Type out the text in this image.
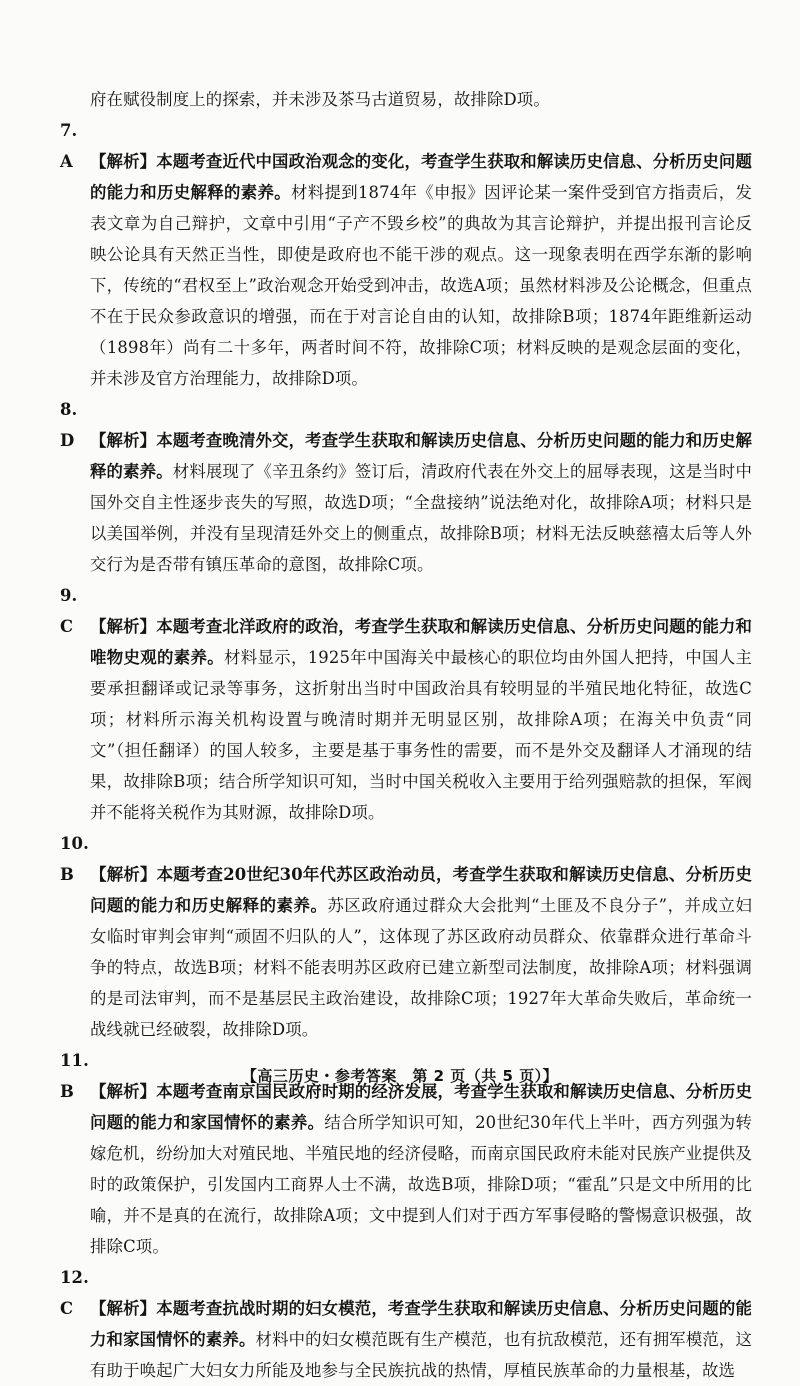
府在赋役制度上的探索，并未涉及茶马古道贸易，故排除D项。

7. A 【解析】本题考查近代中国政治观念的变化，考查学生获取和解读历史信息、分析历史问题的能力和历史解释的素养。材料提到1874年《申报》因评论某一案件受到官方指责后，发表文章为自己辩护，文章中引用“子产不毁乡校”的典故为其言论辩护，并提出报刊言论反映公论具有天然正当性，即使是政府也不能干涉的观点。这一现象表明在西学东渐的影响下，传统的“君权至上”政治观念开始受到冲击，故选A项；虽然材料涉及公论概念，但重点不在于民众参政意识的增强，而在于对言论自由的认知，故排除B项；1874年距维新运动（1898年）尚有二十多年，两者时间不符，故排除C项；材料反映的是观念层面的变化，并未涉及官方治理能力，故排除D项。

8. D 【解析】本题考查晚清外交，考查学生获取和解读历史信息、分析历史问题的能力和历史解释的素养。材料展现了《辛丑条约》签订后，清政府代表在外交上的屈辱表现，这是当时中国外交自主性逐步丧失的写照，故选D项；“全盘接纳”说法绝对化，故排除A项；材料只是以美国举例，并没有呈现清廷外交上的侧重点，故排除B项；材料无法反映慈禧太后等人外交行为是否带有镇压革命的意图，故排除C项。

9. C 【解析】本题考查北洋政府的政治，考查学生获取和解读历史信息、分析历史问题的能力和唯物史观的素养。材料显示，1925年中国海关中最核心的职位均由外国人把持，中国人主要承担翻译或记录等事务，这折射出当时中国政治具有较明显的半殖民地化特征，故选C项；材料所示海关机构设置与晚清时期并无明显区别，故排除A项；在海关中负责“同文”（担任翻译）的国人较多，主要是基于事务性的需要，而不是外交及翻译人才涌现的结果，故排除B项；结合所学知识可知，当时中国关税收入主要用于给列强赔款的担保，军阀并不能将关税作为其财源，故排除D项。

10. B 【解析】本题考查20世纪30年代苏区政治动员，考查学生获取和解读历史信息、分析历史问题的能力和历史解释的素养。苏区政府通过群众大会批判“土匪及不良分子”，并成立妇女临时审判会审判“顽固不归队的人”，这体现了苏区政府动员群众、依靠群众进行革命斗争的特点，故选B项；材料不能表明苏区政府已建立新型司法制度，故排除A项；材料强调的是司法审判，而不是基层民主政治建设，故排除C项；1927年大革命失败后，革命统一战线就已经破裂，故排除D项。

11. B 【解析】本题考查南京国民政府时期的经济发展，考查学生获取和解读历史信息、分析历史问题的能力和家国情怀的素养。结合所学知识可知，20世纪30年代上半叶，西方列强为转嫁危机，纷纷加大对殖民地、半殖民地的经济侵略，而南京国民政府未能对民族产业提供及时的政策保护，引发国内工商界人士不满，故选B项，排除D项；“霍乱”只是文中所用的比喻，并不是真的在流行，故排除A项；文中提到人们对于西方军事侵略的警惕意识极强，故排除C项。

12. C 【解析】本题考查抗战时期的妇女模范，考查学生获取和解读历史信息、分析历史问题的能力和家国情怀的素养。材料中的妇女模范既有生产模范，也有抗敌模范，还有拥军模范，这有助于唤起广大妇女力所能及地参与全民族抗战的热情，厚植民族革命的力量根基，故选

【高三历史・参考答案　第 2 页（共 5 页）】
